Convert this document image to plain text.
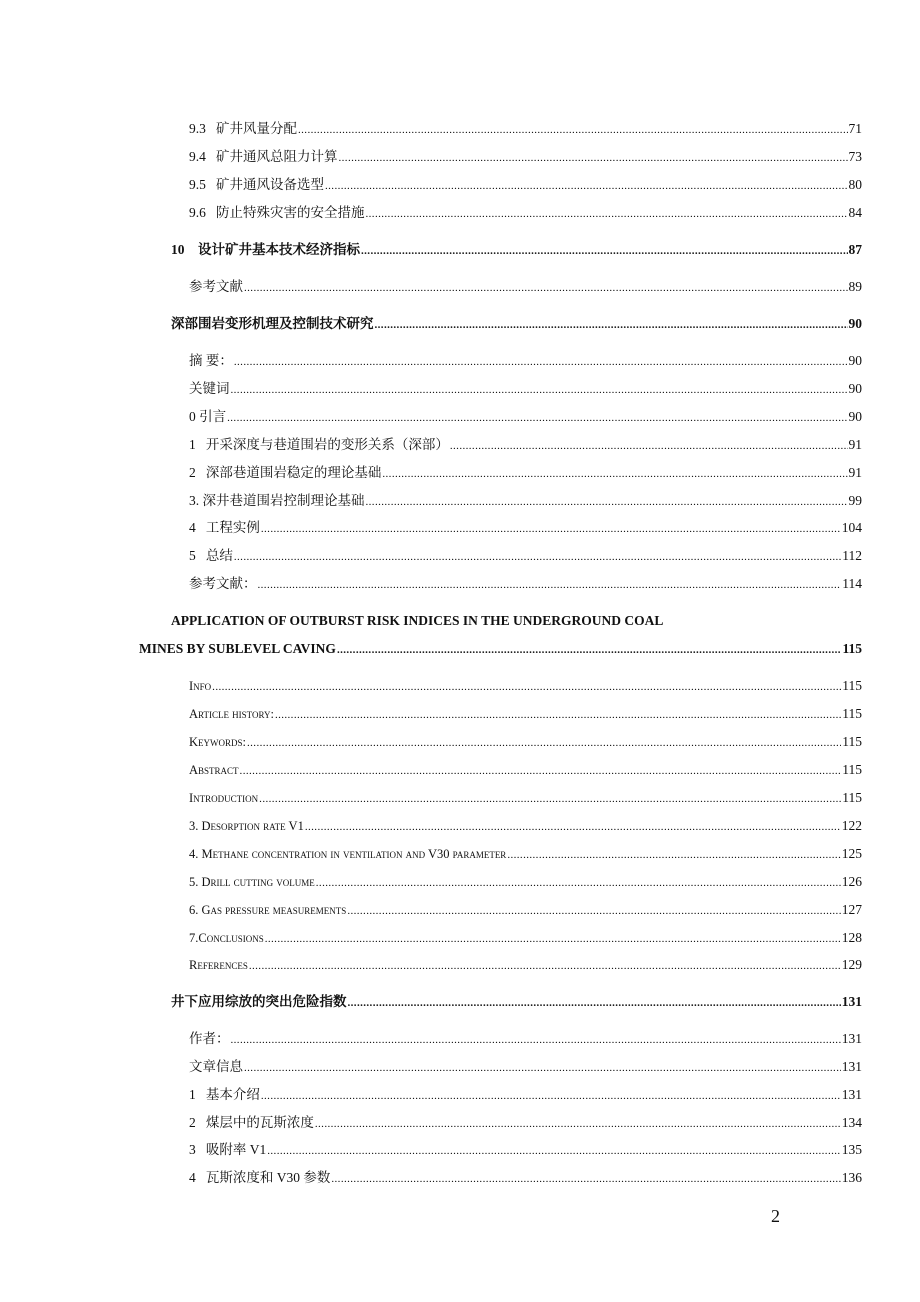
9.3 矿井风量分配 .....	71
9.4 矿井通风总阻力计算 .....	73
9.5 矿井通风设备选型 .....	80
9.6 防止特殊灾害的安全措施 .....	84
10 设计矿井基本技术经济指标 .....	87
参考文献 .....	89
深部围岩变形机理及控制技术研究 .....	90
摘 要： .....	90
关键词 .....	90
0 引言 .....	90
1 开采深度与巷道围岩的变形关系（深部） .....	91
2 深部巷道围岩稳定的理论基础 .....	91
3. 深井巷道围岩控制理论基础 .....	99
4 工程实例 .....	104
5 总结 .....	112
参考文献： .....	114
APPLICATION OF OUTBURST RISK INDICES IN THE UNDERGROUND COAL
MINES BY SUBLEVEL CAVING .....	115
Info .....	115
Article history: .....	115
Keywords: .....	115
Abstract .....	115
Introduction .....	115
3. Desorption rate V1 .....	122
4. Methane concentration in ventilation and V30 parameter .....	125
5. Drill cutting volume .....	126
6. Gas pressure measurements .....	127
7.Conclusions .....	128
References .....	129
井下应用综放的突出危险指数 .....	131
作者： .....	131
文章信息 .....	131
1 基本介绍 .....	131
2 煤层中的瓦斯浓度 .....	134
3 吸附率 V1 .....	135
4 瓦斯浓度和 V30 参数 .....	136
2
